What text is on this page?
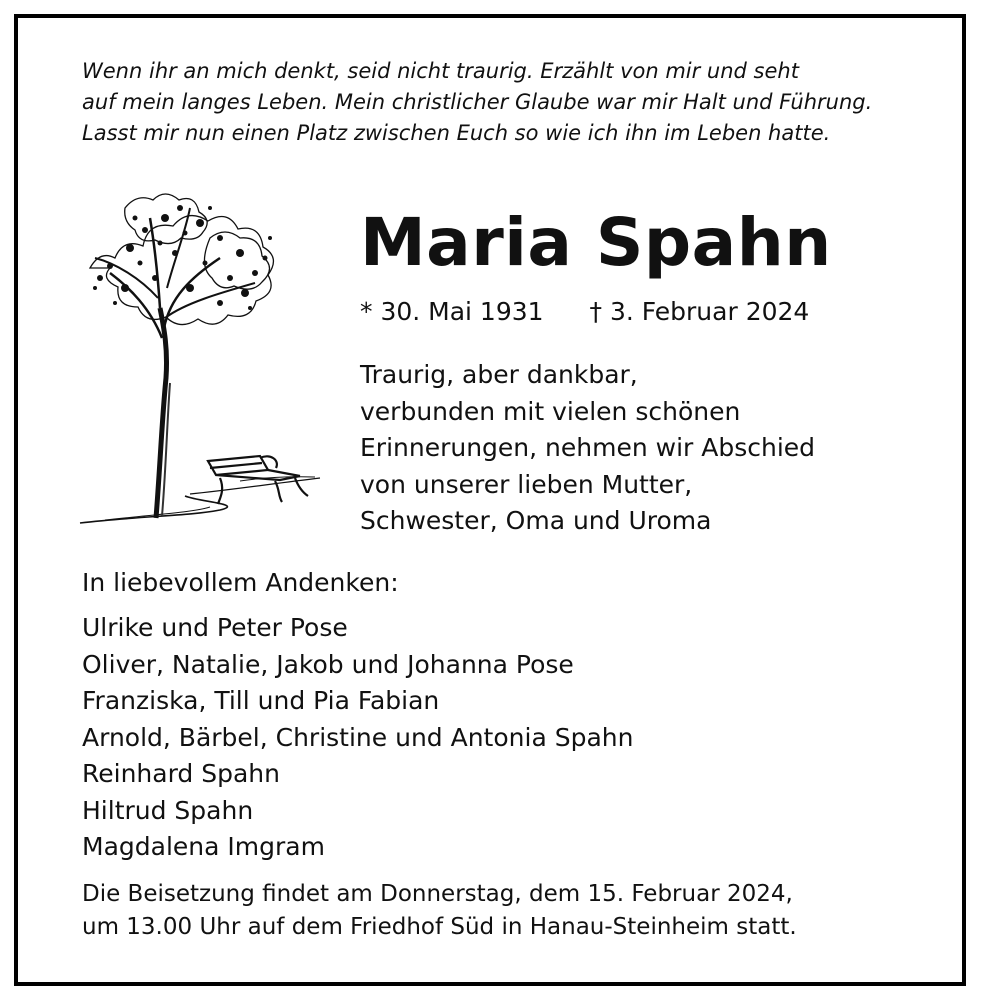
Wenn ihr an mich denkt, seid nicht traurig. Erzählt von mir und seht
auf mein langes Leben. Mein christlicher Glaube war mir Halt und Führung.
Lasst mir nun einen Platz zwischen Euch so wie ich ihn im Leben hatte.
Maria Spahn
* 30. Mai 1931 † 3. Februar 2024
Traurig, aber dankbar,
verbunden mit vielen schönen
Erinnerungen, nehmen wir Abschied
von unserer lieben Mutter,
Schwester, Oma und Uroma
In liebevollem Andenken:
Ulrike und Peter Pose
Oliver, Natalie, Jakob und Johanna Pose
Franziska, Till und Pia Fabian
Arnold, Bärbel, Christine und Antonia Spahn
Reinhard Spahn
Hiltrud Spahn
Magdalena Imgram
Die Beisetzung findet am Donnerstag, dem 15. Februar 2024,
um 13.00 Uhr auf dem Friedhof Süd in Hanau-Steinheim statt.
